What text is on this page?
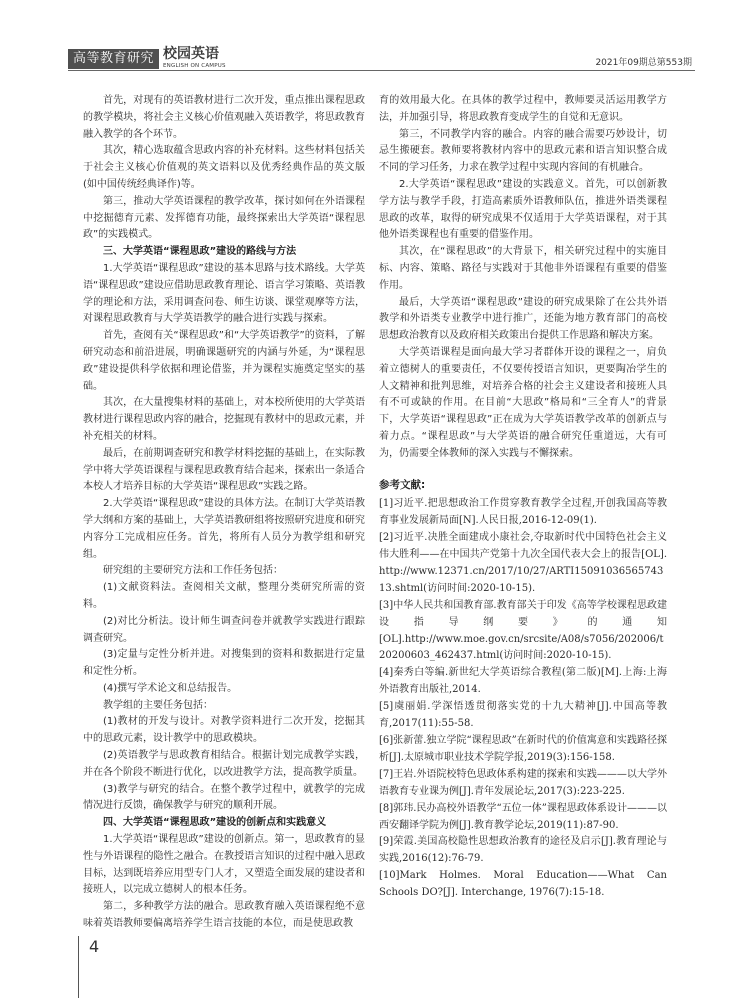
高等教育研究 校园英语
ENGLISH ON CAMPUS	2021年09期总第553期

首先，对现有的英语教材进行二次开发，重点推出课程思政的教学模块，将社会主义核心价值观融入英语教学，将思政教育融入教学的各个环节。

其次，精心选取蕴含思政内容的补充材料。这些材料包括关于社会主义核心价值观的英文语料以及优秀经典作品的英文版(如中国传统经典译作)等。

第三，推动大学英语课程的教学改革，探讨如何在外语课程中挖掘德育元素、发挥德育功能，最终探索出大学英语“课程思政”的实践模式。

三、大学英语“课程思政”建设的路线与方法

1.大学英语“课程思政”建设的基本思路与技术路线。大学英语“课程思政”建设应借助思政教育理论、语言学习策略、英语教学的理论和方法，采用调查问卷、师生访谈、课堂观摩等方法，对课程思政教育与大学英语教学的融合进行实践与探索。

首先，查阅有关“课程思政”和“大学英语教学”的资料，了解研究动态和前沿进展，明确课题研究的内涵与外延，为“课程思政”建设提供科学依据和理论借鉴，并为课程实施奠定坚实的基础。

其次，在大量搜集材料的基础上，对本校所使用的大学英语教材进行课程思政内容的融合，挖掘现有教材中的思政元素，并补充相关的材料。

最后，在前期调查研究和教学材料挖掘的基础上，在实际教学中将大学英语课程与课程思政教育结合起来，探索出一条适合本校人才培养目标的大学英语“课程思政”实践之路。

2.大学英语“课程思政”建设的具体方法。在制订大学英语教学大纲和方案的基础上，大学英语教研组将按照研究进度和研究内容分工完成相应任务。首先，将所有人员分为教学组和研究组。

研究组的主要研究方法和工作任务包括：

(1)文献资料法。查阅相关文献，整理分类研究所需的资料。

(2)对比分析法。设计师生调查问卷并就教学实践进行跟踪调查研究。

(3)定量与定性分析并进。对搜集到的资料和数据进行定量和定性分析。

(4)撰写学术论文和总结报告。

教学组的主要任务包括：

(1)教材的开发与设计。对教学资料进行二次开发，挖掘其中的思政元素，设计教学中的思政模块。

(2)英语教学与思政教育相结合。根据计划完成教学实践，并在各个阶段不断进行优化，以改进教学方法，提高教学质量。

(3)教学与研究的结合。在整个教学过程中，就教学的完成情况进行反馈，确保教学与研究的顺利开展。

四、大学英语“课程思政”建设的创新点和实践意义

1.大学英语“课程思政”建设的创新点。第一，思政教育的显性与外语课程的隐性之融合。在教授语言知识的过程中融入思政目标，达到既培养应用型专门人才，又塑造全面发展的建设者和接班人，以完成立德树人的根本任务。

第二，多种教学方法的融合。思政教育融入英语课程绝不意味着英语教师要偏离培养学生语言技能的本位，而是使思政教

育的效用最大化。在具体的教学过程中，教师要灵活运用教学方法，并加强引导，将思政教育变成学生的自觉和无意识。

第三，不同教学内容的融合。内容的融合需要巧妙设计，切忌生搬硬套。教师要将教材内容中的思政元素和语言知识整合成不同的学习任务，力求在教学过程中实现内容间的有机融合。

2.大学英语“课程思政”建设的实践意义。首先，可以创新教学方法与教学手段，打造高素质外语教师队伍，推进外语类课程思政的改革，取得的研究成果不仅适用于大学英语课程，对于其他外语类课程也有重要的借鉴作用。

其次，在“课程思政”的大背景下，相关研究过程中的实施目标、内容、策略、路径与实践对于其他非外语课程有重要的借鉴作用。

最后，大学英语“课程思政”建设的研究成果除了在公共外语教学和外语类专业教学中进行推广，还能为地方教育部门的高校思想政治教育以及政府相关政策出台提供工作思路和解决方案。

大学英语课程是面向最大学习者群体开设的课程之一，肩负着立德树人的重要责任，不仅要传授语言知识，更要陶冶学生的人文精神和批判思维，对培养合格的社会主义建设者和接班人具有不可或缺的作用。在目前“大思政”格局和“三全育人”的背景下，大学英语“课程思政”正在成为大学英语教学改革的创新点与着力点。“课程思政”与大学英语的融合研究任重道远，大有可为，仍需要全体教师的深入实践与不懈探索。

参考文献:

[1]习近平.把思想政治工作贯穿教育教学全过程,开创我国高等教育事业发展新局面[N].人民日报,2016-12-09(1).

[2]习近平.决胜全面建成小康社会,夺取新时代中国特色社会主义伟大胜利——在中国共产党第十九次全国代表大会上的报告[OL]. http://www.12371.cn/2017/10/27/ARTI1509103656574313.shtml(访问时间:2020-10-15).

[3]中华人民共和国教育部.教育部关于印发《高等学校课程思政建设指导纲要》的通知[OL].http://www.moe.gov.cn/srcsite/A08/s7056/202006/t20200603_462437.html(访问时间:2020-10-15).

[4]秦秀白等编.新世纪大学英语综合教程(第二版)[M].上海:上海外语教育出版社,2014.

[5]虞丽娟.学深悟透贯彻落实党的十九大精神[J].中国高等教育,2017(11):55-58.

[6]张新蕾.独立学院“课程思政”在新时代的价值寓意和实践路径探析[J].太原城市职业技术学院学报,2019(3):156-158.

[7]王岩.外语院校特色思政体系构建的探索和实践———以大学外语教育专业课为例[J].青年发展论坛,2017(3):223-225.

[8]郭玮.民办高校外语教学“五位一体”课程思政体系设计———以西安翻译学院为例[J].教育教学论坛,2019(11):87-90.

[9]荣霞.美国高校隐性思想政治教育的途径及启示[J].教育理论与实践,2016(12):76-79.

[10]Mark Holmes. Moral Education——What Can Schools DO?[J]. Interchange, 1976(7):15-18.

4
